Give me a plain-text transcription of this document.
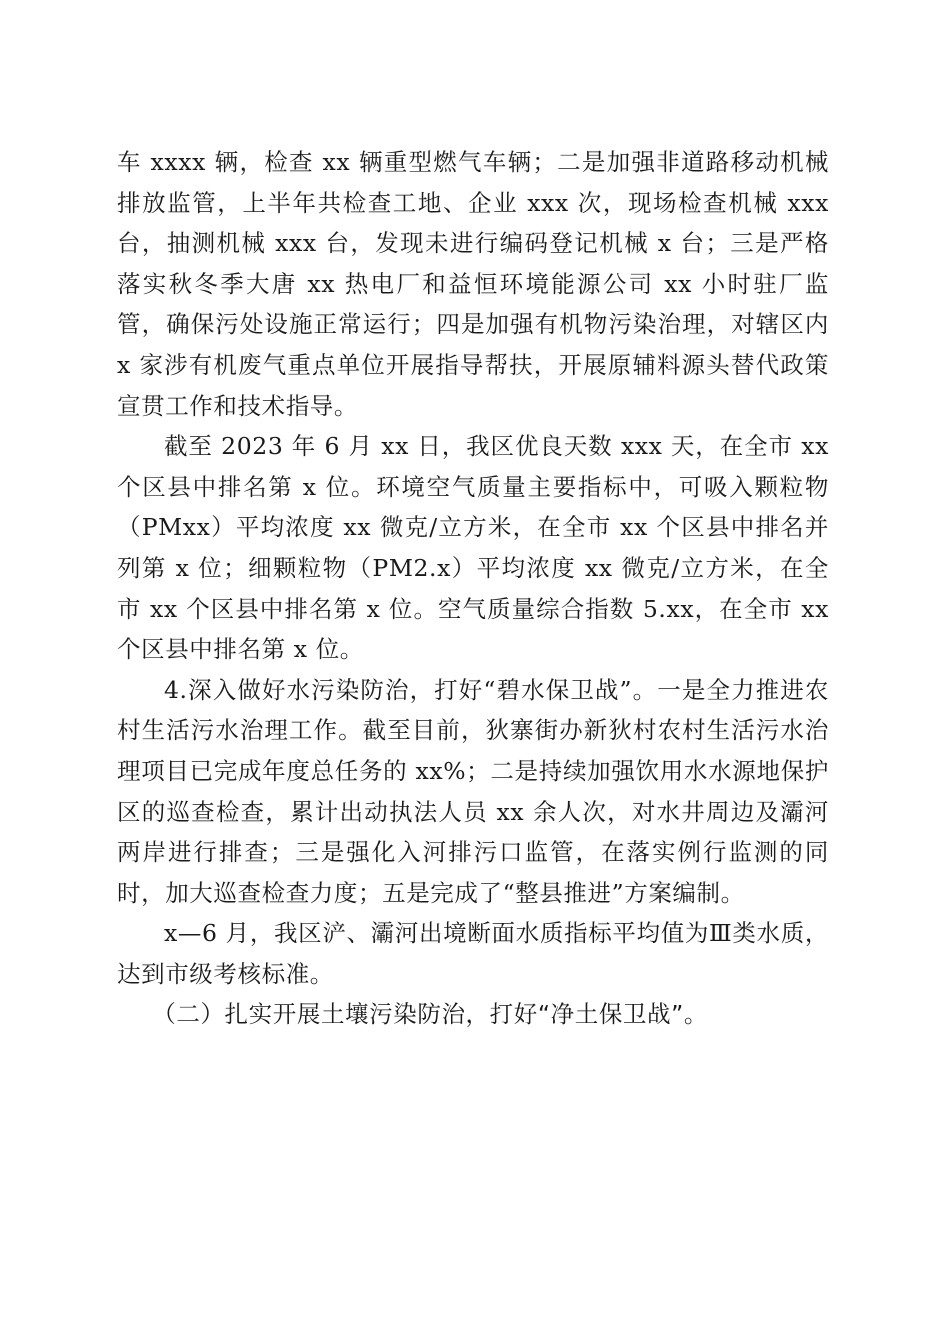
车 xxxx 辆，检查 xx 辆重型燃气车辆；二是加强非道路移动机械排放监管，上半年共检查工地、企业 xxx 次，现场检查机械 xxx 台，抽测机械 xxx 台，发现未进行编码登记机械 x 台；三是严格落实秋冬季大唐 xx 热电厂和益恒环境能源公司 xx 小时驻厂监管，确保污处设施正常运行；四是加强有机物污染治理，对辖区内 x 家涉有机废气重点单位开展指导帮扶，开展原辅料源头替代政策宣贯工作和技术指导。

截至 2023 年 6 月 xx 日，我区优良天数 xxx 天，在全市 xx 个区县中排名第 x 位。环境空气质量主要指标中，可吸入颗粒物（PMxx）平均浓度 xx 微克/立方米，在全市 xx 个区县中排名并列第 x 位；细颗粒物（PM2.x）平均浓度 xx 微克/立方米，在全市 xx 个区县中排名第 x 位。空气质量综合指数 5.xx，在全市 xx 个区县中排名第 x 位。

4.深入做好水污染防治，打好“碧水保卫战”。一是全力推进农村生活污水治理工作。截至目前，狄寨街办新狄村农村生活污水治理项目已完成年度总任务的 xx%；二是持续加强饮用水水源地保护区的巡查检查，累计出动执法人员 xx 余人次，对水井周边及灞河两岸进行排查；三是强化入河排污口监管，在落实例行监测的同时，加大巡查检查力度；五是完成了“整县推进”方案编制。

x—6 月，我区浐、灞河出境断面水质指标平均值为Ⅲ类水质，达到市级考核标准。

（二）扎实开展土壤污染防治，打好“净土保卫战”。
